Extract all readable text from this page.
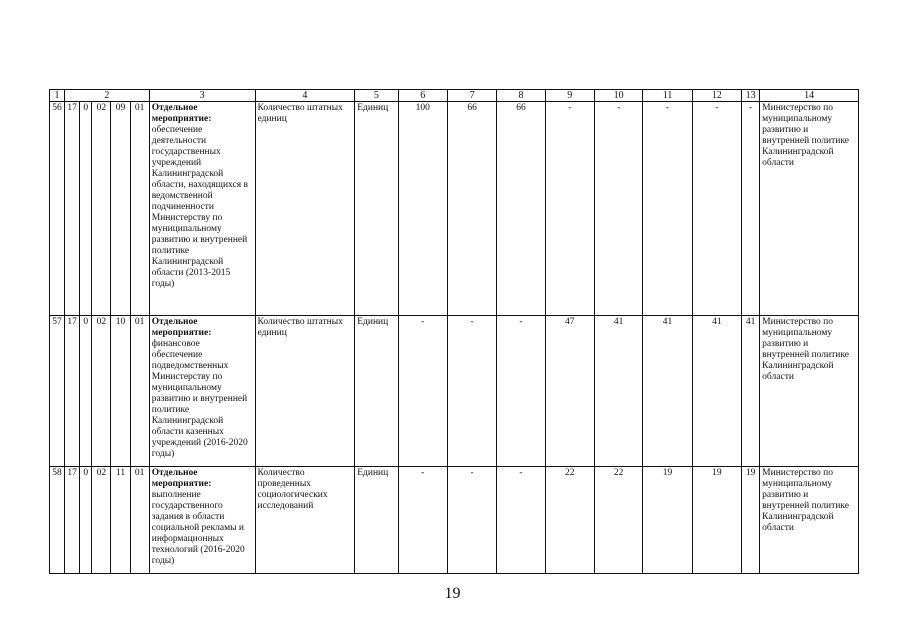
1	2					3	4	5	6	7	8	9	10	11	12	13	14
56	17	0	02	09	01	Отдельное мероприятие: обеспечение деятельности государственных учреждений Калининградской области, находящихся в ведомственной подчиненности Министерству по муниципальному развитию и внутренней политике Калининградской области (2013-2015 годы)	Количество штатных единиц	Единиц	100	66	66	-	-	-	-	-	Министерство по муниципальному развитию и внутренней политике Калининградской области
57	17	0	02	10	01	Отдельное мероприятие: финансовое обеспечение подведомственных Министерству по муниципальному развитию и внутренней политике Калининградской области казенных учреждений (2016-2020 годы)	Количество штатных единиц	Единиц	-	-	-	47	41	41	41	41	Министерство по муниципальному развитию и внутренней политике Калининградской области
58	17	0	02	11	01	Отдельное мероприятие: выполнение государственного задания в области социальной рекламы и информационных технологий (2016-2020 годы)	Количество проведенных социологических исследований	Единиц	-	-	-	22	22	19	19	19	Министерство по муниципальному развитию и внутренней политике Калининградской области
19
